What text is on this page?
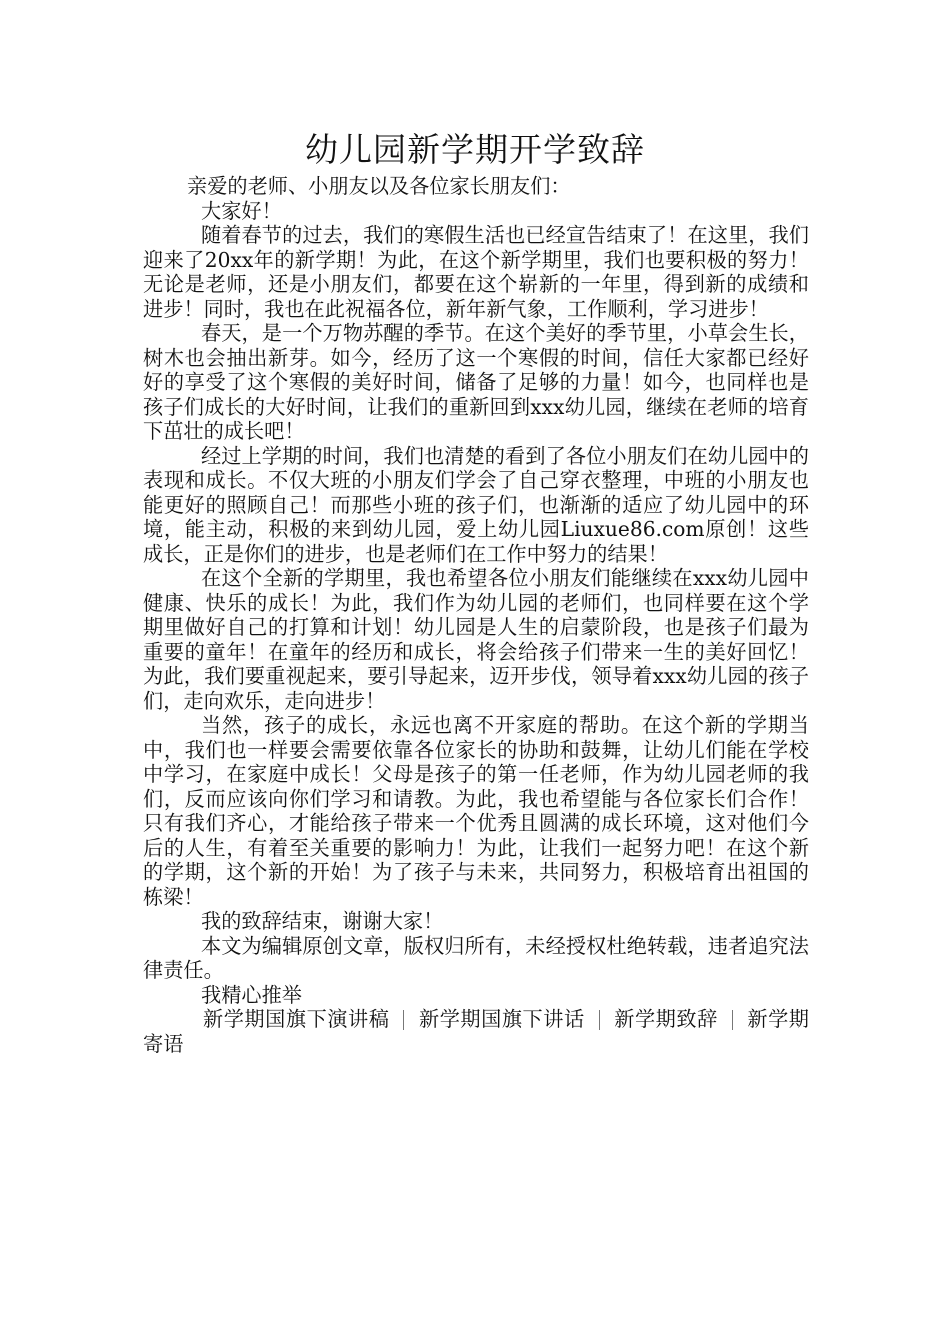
幼儿园新学期开学致辞

亲爱的老师、小朋友以及各位家长朋友们：

大家好！

随着春节的过去，我们的寒假生活也已经宣告结束了！在这里，我们迎来了20xx年的新学期！为此，在这个新学期里，我们也要积极的努力！无论是老师，还是小朋友们，都要在这个崭新的一年里，得到新的成绩和进步！同时，我也在此祝福各位，新年新气象，工作顺利，学习进步！

春天，是一个万物苏醒的季节。在这个美好的季节里，小草会生长，树木也会抽出新芽。如今，经历了这一个寒假的时间，信任大家都已经好好的享受了这个寒假的美好时间，储备了足够的力量！如今，也同样也是孩子们成长的大好时间，让我们的重新回到xxx幼儿园，继续在老师的培育下茁壮的成长吧！

经过上学期的时间，我们也清楚的看到了各位小朋友们在幼儿园中的表现和成长。不仅大班的小朋友们学会了自己穿衣整理，中班的小朋友也能更好的照顾自己！而那些小班的孩子们，也渐渐的适应了幼儿园中的环境，能主动，积极的来到幼儿园，爱上幼儿园Liuxue86.com原创！这些成长，正是你们的进步，也是老师们在工作中努力的结果！

在这个全新的学期里，我也希望各位小朋友们能继续在xxx幼儿园中健康、快乐的成长！为此，我们作为幼儿园的老师们，也同样要在这个学期里做好自己的打算和计划！幼儿园是人生的启蒙阶段，也是孩子们最为重要的童年！在童年的经历和成长，将会给孩子们带来一生的美好回忆！为此，我们要重视起来，要引导起来，迈开步伐，领导着xxx幼儿园的孩子们，走向欢乐，走向进步！

当然，孩子的成长，永远也离不开家庭的帮助。在这个新的学期当中，我们也一样要会需要依靠各位家长的协助和鼓舞，让幼儿们能在学校中学习，在家庭中成长！父母是孩子的第一任老师，作为幼儿园老师的我们，反而应该向你们学习和请教。为此，我也希望能与各位家长们合作！只有我们齐心，才能给孩子带来一个优秀且圆满的成长环境，这对他们今后的人生，有着至关重要的影响力！为此，让我们一起努力吧！在这个新的学期，这个新的开始！为了孩子与未来，共同努力，积极培育出祖国的栋梁！

我的致辞结束，谢谢大家！

本文为编辑原创文章，版权归所有，未经授权杜绝转载，违者追究法律责任。

我精心推举

新学期国旗下演讲稿 新学期国旗下讲话 新学期致辞 新学期寄语
